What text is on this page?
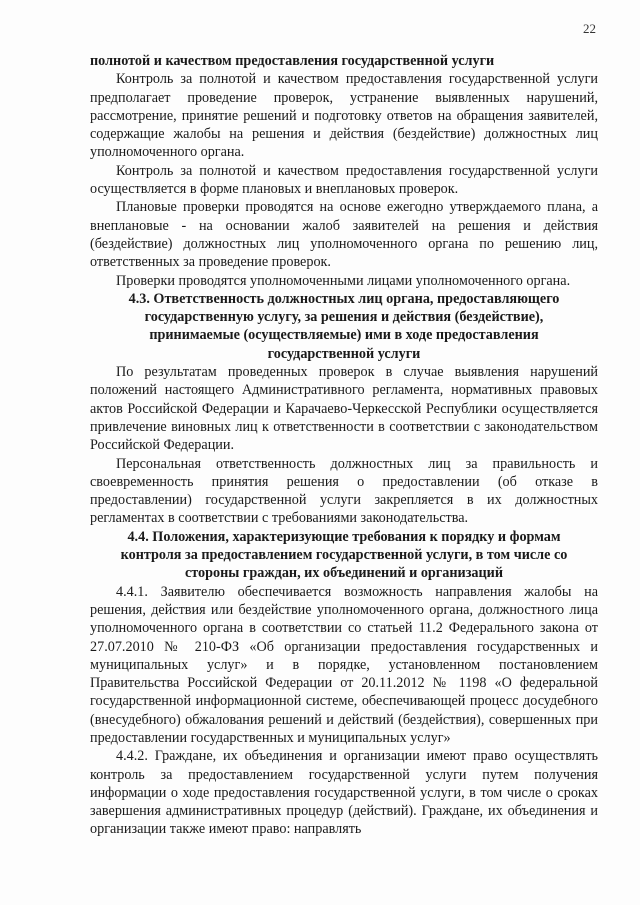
22

полнотой и качеством предоставления государственной услуги

Контроль за полнотой и качеством предоставления государственной услуги предполагает проведение проверок, устранение выявленных нарушений, рассмотрение, принятие решений и подготовку ответов на обращения заявителей, содержащие жалобы на решения и действия (бездействие) должностных лиц уполномоченного органа.

Контроль за полнотой и качеством предоставления государственной услуги осуществляется в форме плановых и внеплановых проверок.

Плановые проверки проводятся на основе ежегодно утверждаемого плана, а внеплановые - на основании жалоб заявителей на решения и действия (бездействие) должностных лиц уполномоченного органа по решению лиц, ответственных за проведение проверок.

Проверки проводятся уполномоченными лицами уполномоченного органа.

4.3. Ответственность должностных лиц органа, предоставляющего государственную услугу, за решения и действия (бездействие), принимаемые (осуществляемые) ими в ходе предоставления государственной услуги

По результатам проведенных проверок в случае выявления нарушений положений настоящего Административного регламента, нормативных правовых актов Российской Федерации и Карачаево-Черкесской Республики осуществляется привлечение виновных лиц к ответственности в соответствии с законодательством Российской Федерации.

Персональная ответственность должностных лиц за правильность и своевременность принятия решения о предоставлении (об отказе в предоставлении) государственной услуги закрепляется в их должностных регламентах в соответствии с требованиями законодательства.

4.4. Положения, характеризующие требования к порядку и формам контроля за предоставлением государственной услуги, в том числе со стороны граждан, их объединений и организаций

4.4.1. Заявителю обеспечивается возможность направления жалобы на решения, действия или бездействие уполномоченного органа, должностного лица уполномоченного органа в соответствии со статьей 11.2 Федерального закона от 27.07.2010 № 210-ФЗ «Об организации предоставления государственных и муниципальных услуг» и в порядке, установленном постановлением Правительства Российской Федерации от 20.11.2012 № 1198 «О федеральной государственной информационной системе, обеспечивающей процесс досудебного (внесудебного) обжалования решений и действий (бездействия), совершенных при предоставлении государственных и муниципальных услуг»

4.4.2. Граждане, их объединения и организации имеют право осуществлять контроль за предоставлением государственной услуги путем получения информации о ходе предоставления государственной услуги, в том числе о сроках завершения административных процедур (действий). Граждане, их объединения и организации также имеют право: направлять
